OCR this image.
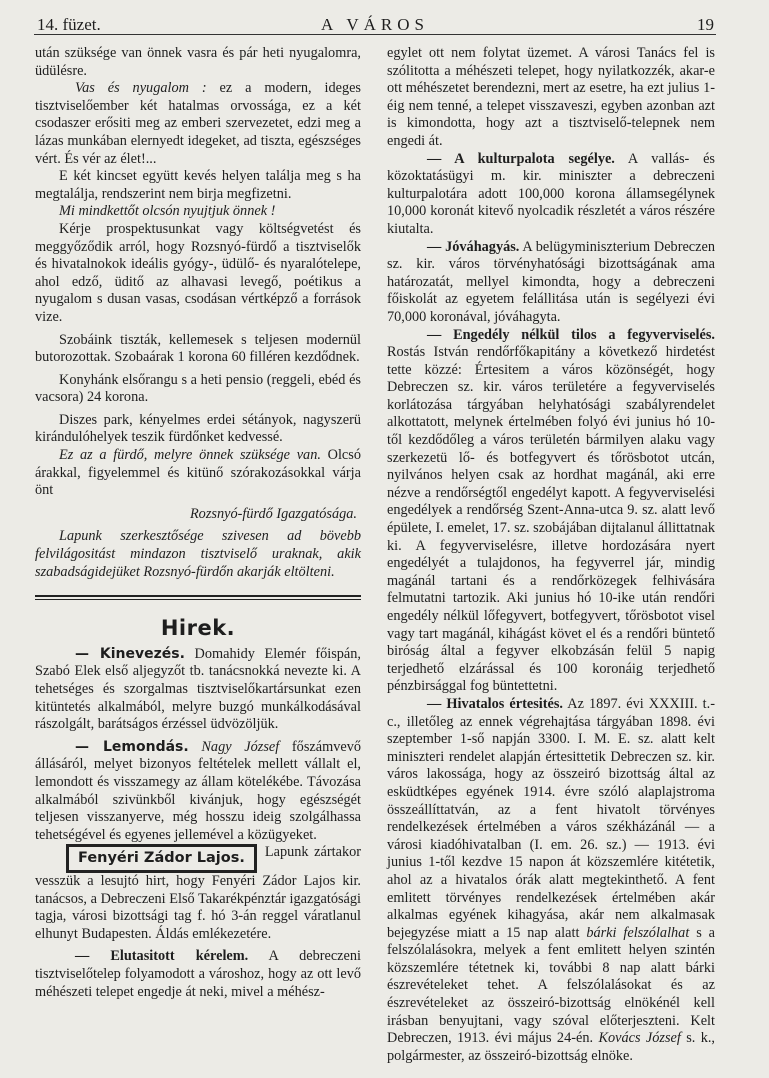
14. füzet.	A VÁROS	19

után szüksége van önnek vasra és pár heti nyugalomra, üdülésre.

Vas és nyugalom : ez a modern, ideges tisztviselőember két hatalmas orvossága, ez a két csodaszer erősiti meg az emberi szervezetet, edzi meg a lázas munkában elernyedt idegeket, ad tiszta, egészséges vért. És vér az élet!...

E két kincset együtt kevés helyen találja meg s ha megtalálja, rendszerint nem birja megfizetni.

Mi mindkettőt olcsón nyujtjuk önnek !

Kérje prospektusunkat vagy költségvetést és meggyőződik arról, hogy Rozsnyó-fürdő a tisztviselők és hivatalnokok ideális gyógy-, üdülő- és nyaralótelepe, ahol edző, üditő az alhavasi levegő, poétikus a nyugalom s dusan vasas, csodásan vértképző a források vize.

Szobáink tiszták, kellemesek s teljesen modernül butorozottak. Szobaárak 1 korona 60 filléren kezdődnek.

Konyhánk elsőrangu s a heti pensio (reggeli, ebéd és vacsora) 24 korona.

Diszes park, kényelmes erdei sétányok, nagyszerü kirándulóhelyek teszik fürdőnket kedvessé.

Ez az a fürdő, melyre önnek szüksége van. Olcsó árakkal, figyelemmel és kitünő szórakozásokkal várja önt

Rozsnyó-fürdő Igazgatósága.

Lapunk szerkesztősége szivesen ad bövebb felvilágositást mindazon tisztviselő uraknak, akik szabadságidejüket Rozsnyó-fürdőn akarják eltölteni.

Hirek.

— Kinevezés. Domahidy Elemér főispán, Szabó Elek első aljegyzőt tb. tanácsnokká nevezte ki. A tehetséges és szorgalmas tisztviselőkartársunkat ezen kitüntetés alkalmából, melyre buzgó munkálkodásával rászolgált, barátságos érzéssel üdvözöljük.

— Lemondás. Nagy József főszámvevő állásáról, melyet bizonyos feltételek mellett vállalt el, lemondott és visszamegy az állam kötelékébe. Távozása alkalmából szivünkből kivánjuk, hogy egészségét teljesen visszanyerve, még hosszu ideig szolgálhassa tehetségével és egyenes jellemével a közügyeket.

Fenyéri Zádor Lajos. Lapunk zártakor vesszük a lesujtó hirt, hogy Fenyéri Zádor Lajos kir. tanácsos, a Debreczeni Első Takarékpénztár igazgatósági tagja, városi bizottsági tag f. hó 3-án reggel váratlanul elhunyt Budapesten. Áldás emlékezetére.

— Elutasitott kérelem. A debreczeni tisztviselőtelep folyamodott a városhoz, hogy az ott levő méhészeti telepet engedje át neki, mivel a méhész-

egylet ott nem folytat üzemet. A városi Tanács fel is szólitotta a méhészeti telepet, hogy nyilatkozzék, akar-e ott méhészetet berendezni, mert az esetre, ha ezt julius 1-éig nem tenné, a telepet visszaveszi, egyben azonban azt is kimondotta, hogy azt a tisztviselő-telepnek nem engedi át.

— A kulturpalota segélye. A vallás- és közoktatásügyi m. kir. miniszter a debreczeni kulturpalotára adott 100,000 korona államsegélynek 10,000 koronát kitevő nyolcadik részletét a város részére kiutalta.

— Jóváhagyás. A belügyminiszterium Debreczen sz. kir. város törvényhatósági bizottságának ama határozatát, mellyel kimondta, hogy a debreczeni főiskolát az egyetem felállitása után is segélyezi évi 70,000 koronával, jóváhagyta.

— Engedély nélkül tilos a fegyverviselés. Rostás István rendőrfőkapitány a következő hirdetést tette közzé: Értesitem a város közönségét, hogy Debreczen sz. kir. város területére a fegyverviselés korlátozása tárgyában helyhatósági szabályrendelet alkottatott, melynek értelmében folyó évi junius hó 10-től kezdődőleg a város területén bármilyen alaku vagy szerkezetü lő- és botfegyvert és tőrösbotot utcán, nyilvános helyen csak az hordhat magánál, aki erre nézve a rendőrségtől engedélyt kapott. A fegyverviselési engedélyek a rendőrség Szent-Anna-utca 9. sz. alatt levő épülete, I. emelet, 17. sz. szobájában dijtalanul állittatnak ki. A fegyverviselésre, illetve hordozására nyert engedélyét a tulajdonos, ha fegyverrel jár, mindig magánál tartani és a rendőrközegek felhivására felmutatni tartozik. Aki junius hó 10-ike után rendőri engedély nélkül lőfegyvert, botfegyvert, tőrösbotot visel vagy tart magánál, kihágást követ el és a rendőri büntető biróság által a fegyver elkobzásán felül 5 napig terjedhető elzárással és 100 koronáig terjedhető pénzbirsággal fog büntettetni.

— Hivatalos értesités. Az 1897. évi XXXIII. t.-c., illetőleg az ennek végrehajtása tárgyában 1898. évi szeptember 1-ső napján 3300. I. M. E. sz. alatt kelt miniszteri rendelet alapján értesittetik Debreczen sz. kir. város lakossága, hogy az összeiró bizottság által az esküdtképes egyének 1914. évre szóló alaplajstroma összeállíttatván, az a fent hivatolt törvényes rendelkezések értelmében a város székházánál — a városi kiadóhivatalban (I. em. 26. sz.) — 1913. évi junius 1-től kezdve 15 napon át közszemlére kitétetik, ahol az a hivatalos órák alatt megtekinthető. A fent emlitett törvényes rendelkezések értelmében akár alkalmas egyének kihagyása, akár nem alkalmasak bejegyzése miatt a 15 nap alatt bárki felszólalhat s a felszólalásokra, melyek a fent emlitett helyen szintén közszemlére tétetnek ki, további 8 nap alatt bárki észrevételeket tehet. A felszólalásokat és az észrevételeket az összeiró-bizottság elnökénél kell irásban benyujtani, vagy szóval előterjeszteni. Kelt Debreczen, 1913. évi május 24-én. Kovács József s. k., polgármester, az összeiró-bizottság elnöke.
